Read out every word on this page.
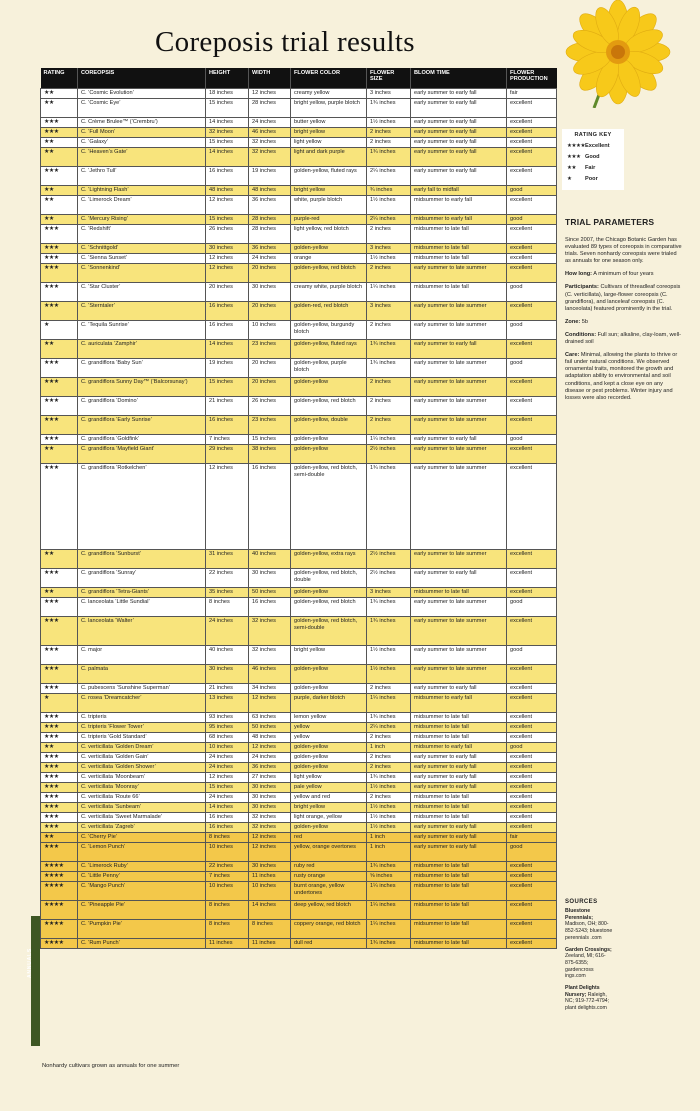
Coreposis trial results
RATING	COREOPSIS	HEIGHT	WIDTH	FLOWER COLOR	FLOWER SIZE	BLOOM TIME	FLOWER PRODUCTION
★★	C. ‘Cosmic Evolution’	18 inches	12 inches	creamy yellow	3 inches	early summer to early fall	fair
★★	C. ‘Cosmic Eye’	15 inches	28 inches	bright yellow, purple blotch	1¾ inches	early summer to early fall	excellent
★★★	C. Crème Brulee™ (‘Crembru’)	14 inches	24 inches	butter yellow	1½ inches	early summer to early fall	excellent
★★★	C. ‘Full Moon’	32 inches	46 inches	bright yellow	2 inches	early summer to early fall	excellent
★★	C. ‘Galaxy’	15 inches	32 inches	light yellow	2 inches	early summer to early fall	excellent
★★	C. ‘Heaven’s Gate’	14 inches	32 inches	light and dark purple	1¾ inches	early summer to early fall	excellent
★★★	C. ‘Jethro Tull’	16 inches	19 inches	golden-yellow, fluted rays	2¼ inches	early summer to early fall	excellent
★★	C. ‘Lightning Flash’	48 inches	48 inches	bright yellow	¾ inches	early fall to midfall	good
★★	C. ‘Limerock Dream’	12 inches	36 inches	white, purple blotch	1½ inches	midsummer to early fall	excellent
★★	C. ‘Mercury Rising’	15 inches	28 inches	purple-red	2¼ inches	midsummer to early fall	good
★★★	C. ‘Redshift’	26 inches	28 inches	light yellow, red blotch	2 inches	midsummer to late fall	excellent
★★★	C. ‘Schnittgold’	30 inches	36 inches	golden-yellow	3 inches	midsummer to late fall	excellent
★★★	C. ‘Sienna Sunset’	12 inches	24 inches	orange	1½ inches	midsummer to late fall	excellent
★★★	C. ‘Sonnenkind’	12 inches	20 inches	golden-yellow, red blotch	2 inches	early summer to late summer	excellent
★★★	C. ‘Star Cluster’	20 inches	30 inches	creamy white, purple blotch	1¼ inches	midsummer to late fall	good
★★★	C. ‘Sterntaler’	16 inches	20 inches	golden-red, red blotch	3 inches	early summer to late summer	excellent
★	C. ‘Tequila Sunrise’	16 inches	10 inches	golden-yellow, burgundy blotch	2 inches	early summer to late summer	good
★★	C. auriculata ‘Zamphir’	14 inches	23 inches	golden-yellow, fluted rays	1¾ inches	early summer to early fall	excellent
★★★	C. grandiflora ‘Baby Sun’	19 inches	20 inches	golden-yellow, purple blotch	1¾ inches	early summer to late summer	good
★★★	C. grandiflora Sunny Day™ (‘Balcorsunay’)	15 inches	20 inches	golden-yellow	2 inches	early summer to late summer	excellent
★★★	C. grandiflora ‘Domino’	21 inches	26 inches	golden-yellow, red blotch	2 inches	early summer to late summer	excellent
★★★	C. grandiflora ‘Early Sunrise’	16 inches	23 inches	golden-yellow, double	2 inches	early summer to late summer	excellent
★★★	C. grandiflora ‘Goldfink’	7 inches	15 inches	golden-yellow	1¼ inches	early summer to early fall	good
★★	C. grandiflora ‘Mayfield Giant’	29 inches	38 inches	golden-yellow	2½ inches	early summer to late summer	excellent
★★★	C. grandiflora ‘Rotkelchen’	12 inches	16 inches	golden-yellow, red blotch, semi-double	1¾ inches	early summer to late summer	excellent
★★	C. grandiflora ‘Sunburst’	31 inches	40 inches	golden-yellow, extra rays	2½ inches	early summer to late summer	excellent
★★★	C. grandiflora ‘Sunray’	22 inches	30 inches	golden-yellow, red blotch, double	2½ inches	early summer to early fall	excellent
★★	C. grandiflora ‘Tetra-Giants’	35 inches	50 inches	golden-yellow	3 inches	midsummer to late fall	excellent
★★★	C. lanceolata ‘Little Sundial’	8 inches	16 inches	golden-yellow, red blotch	1¾ inches	early summer to late summer	good
★★★	C. lanceolata ‘Walter’	24 inches	32 inches	golden-yellow, red blotch, semi-double	1¾ inches	early summer to late summer	excellent
★★★	C. major	40 inches	32 inches	bright yellow	1½ inches	early summer to late summer	good
★★★	C. palmata	30 inches	46 inches	golden-yellow	1½ inches	early summer to late summer	excellent
★★★	C. pubescens ‘Sunshine Superman’	21 inches	34 inches	golden-yellow	2 inches	early summer to early fall	excellent
★	C. rosea ‘Dreamcatcher’	13 inches	12 inches	purple, darker blotch	1¼ inches	midsummer to early fall	excellent
★★★	C. tripteris	93 inches	63 inches	lemon yellow	1¾ inches	midsummer to late fall	excellent
★★★	C. tripteris ‘Flower Tower’	95 inches	50 inches	yellow	2¼ inches	midsummer to late fall	excellent
★★★	C. tripteris ‘Gold Standard’	68 inches	48 inches	yellow	2 inches	midsummer to late fall	excellent
★★	C. verticillata ‘Golden Dream’	10 inches	12 inches	golden-yellow	1 inch	midsummer to early fall	good
★★★	C. verticillata ‘Golden Gain’	24 inches	24 inches	golden-yellow	2 inches	early summer to early fall	excellent
★★★	C. verticillata ‘Golden Shower’	24 inches	36 inches	golden-yellow	2 inches	early summer to early fall	excellent
★★★	C. verticillata ‘Moonbeam’	12 inches	27 inches	light yellow	1¾ inches	early summer to early fall	excellent
★★★	C. verticillata ‘Moonray’	15 inches	30 inches	pale yellow	1½ inches	early summer to early fall	excellent
★★★	C. verticillata ‘Route 66’	24 inches	30 inches	yellow and red	2 inches	midsummer to late fall	excellent
★★★	C. verticillata ‘Sunbeam’	14 inches	30 inches	bright yellow	1½ inches	midsummer to late fall	excellent
★★★	C. verticillata ‘Sweet Marmalade’	16 inches	32 inches	light orange, yellow	1½ inches	midsummer to late fall	excellent
★★★	C. verticillata ‘Zagreb’	16 inches	32 inches	golden-yellow	1½ inches	early summer to early fall	excellent
★★	C. ‘Cherry Pie’	8 inches	12 inches	red	1 inch	early summer to early fall	fair
★★★	C. ‘Lemon Punch’	10 inches	12 inches	yellow, orange overtones	1 inch	early summer to early fall	good
★★★★	C. ‘Limerock Ruby’	22 inches	30 inches	ruby red	1¾ inches	midsummer to late fall	excellent
★★★★	C. ‘Little Penny’	7 inches	11 inches	rusty orange	⅝ inches	midsummer to late fall	excellent
★★★★	C. ‘Mango Punch’	10 inches	10 inches	burnt orange, yellow undertones	1¼ inches	midsummer to late fall	excellent
★★★★	C. ‘Pineapple Pie’	8 inches	14 inches	deep yellow, red blotch	1¼ inches	midsummer to late fall	excellent
★★★★	C. ‘Pumpkin Pie’	8 inches	8 inches	coppery orange, red blotch	1¼ inches	midsummer to late fall	excellent
★★★★	C. ‘Rum Punch’	11 inches	11 inches	dull red	1¾ inches	midsummer to late fall	excellent
ANNUALS
Nonhardy cultivars grown as annuals for one summer
RATING KEY
★★★★ Excellent
★★★ Good
★★	Fair
★	Poor
TRIAL PARAMETERS

Since 2007, the Chicago Botanic Garden has evaluated 89 types of coreopsis in comparative trials. Seven nonhardy coreopsis were trialed as annuals for one season only.

How long: A minimum of four years

Participants: Cultivars of threadleaf coreopsis (C. verticillata), large-flower coreopsis (C. grandiflora), and lanceleaf coreopsis (C. lanceolata) featured prominently in the trial.

Zone: 5b

Conditions: Full sun; alkaline, clay-loam, well-drained soil

Care: Minimal, allowing the plants to thrive or fail under natural conditions. We observed ornamental traits, monitored the growth and adaptation ability to environmental and soil conditions, and kept a close eye on any disease or pest problems. Winter injury and losses were also recorded.

SOURCES

Bluestone Perennials; Madison, OH; 800-852-5243; bluestone perennials .com

Garden Crossings; Zeeland, MI; 616-875-6355; gardencross ings.com

Plant Delights Nursery; Raleigh, NC; 919-772-4794; plant delights.com
